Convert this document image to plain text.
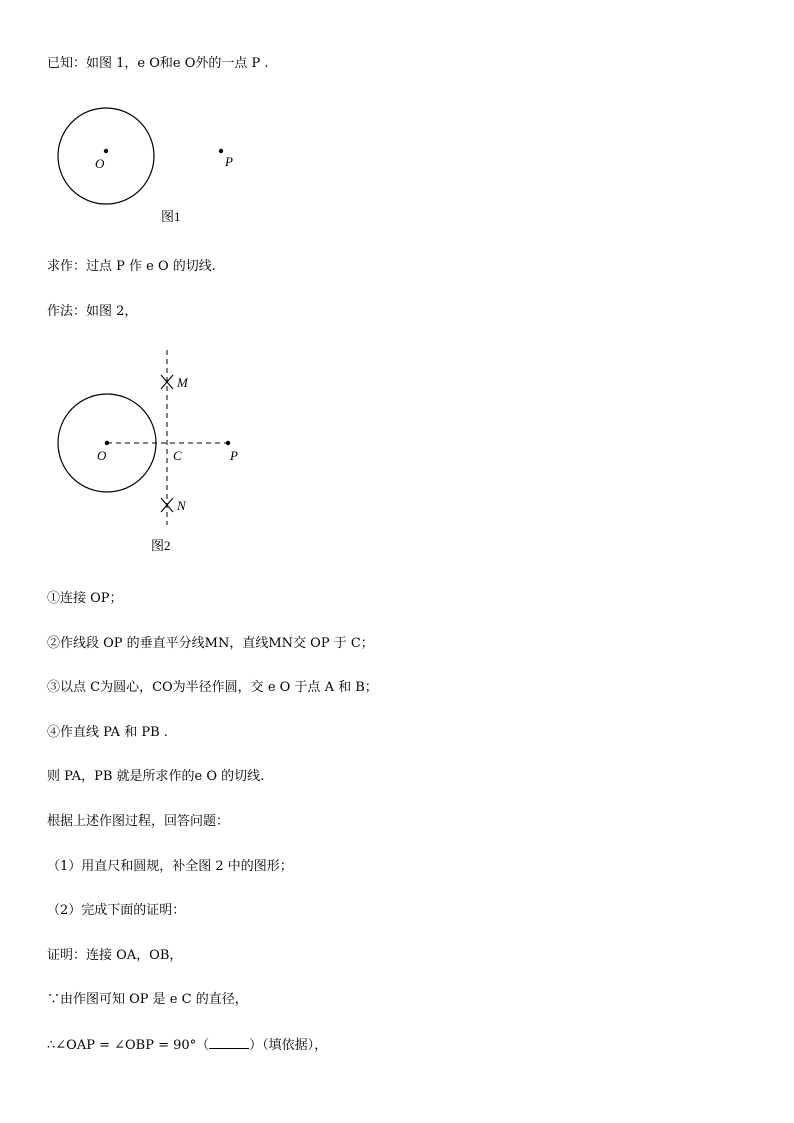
已知：如图 1，e O和e O外的一点 P .
O	P
图1
求作：过点 P 作 e O 的切线.
作法：如图 2，
M
O	C	P
N
图2
①连接 OP；
②作线段 OP 的垂直平分线MN，直线MN交 OP 于 C；
③以点 C为圆心，CO为半径作圆，交 e O 于点 A 和 B；
④作直线 PA 和 PB .
则 PA，PB 就是所求作的e O 的切线.
根据上述作图过程，回答问题：
（1）用直尺和圆规，补全图 2 中的图形；
（2）完成下面的证明：
证明：连接 OA，OB，
∵由作图可知 OP 是 e C 的直径，
∴∠OAP = ∠OBP = 90°（	）（填依据），
